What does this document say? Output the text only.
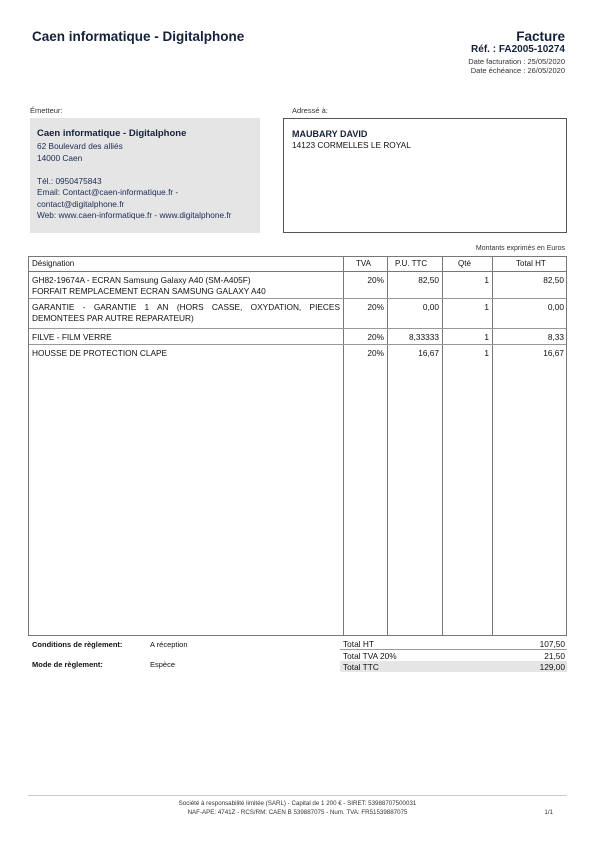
Caen informatique - Digitalphone	Facture
Réf. : FA2005-10274
Date facturation : 25/05/2020
Date échéance : 26/05/2020
Émetteur:	Adressé à:
Caen informatique - Digitalphone
62 Boulevard des alliés
14000 Caen
Tél.: 0950475843
Email: Contact@caen-informatique.fr -
contact@digitalphone.fr
Web: www.caen-informatique.fr - www.digitalphone.fr
MAUBARY DAVID
14123 CORMELLES LE ROYAL
Montants exprimés en Euros
Désignation	TVA	P.U. TTC	Qté	Total HT
GH82-19674A - ECRAN Samsung Galaxy A40 (SM-A405F)
FORFAIT REMPLACEMENT ECRAN SAMSUNG GALAXY A40
20%	82,50	1	82,50
GARANTIE - GARANTIE 1 AN (HORS CASSE, OXYDATION, PIECES
DEMONTEES PAR AUTRE REPARATEUR)
20%	0,00	1	0,00
FILVE - FILM VERRE	20%	8,33333	1	8,33
HOUSSE DE PROTECTION CLAPE	20%	16,67	1	16,67
Conditions de règlement:	A réception
Mode de règlement:	Espèce
Total HT	107,50
Total TVA 20%	21,50
Total TTC	129,00
Société à responsabilité limitée (SARL) - Capital de 1 200 € - SIRET: 53988707500031
NAF-APE: 4741Z - RCS/RM: CAEN B 539887075 - Num. TVA: FR51539887075	1/1
